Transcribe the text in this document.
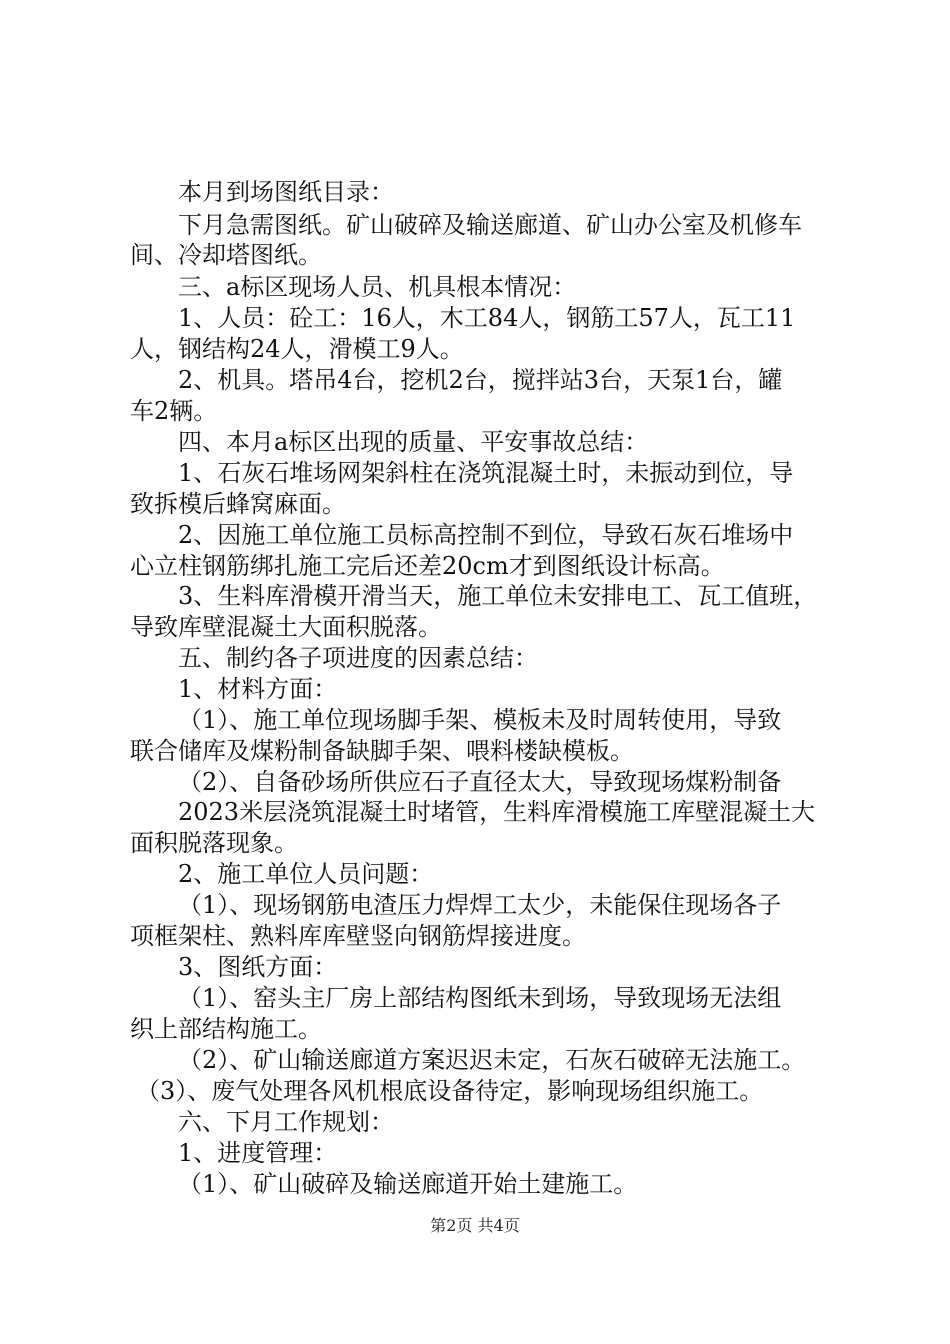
本月到场图纸目录：

下月急需图纸。矿山破碎及输送廊道、矿山办公室及机修车

间、冷却塔图纸。

三、a标区现场人员、机具根本情况：

1、人员：砼工：16人，木工84人，钢筋工57人，瓦工11

人，钢结构24人，滑模工9人。

2、机具。塔吊4台，挖机2台，搅拌站3台，天泵1台，罐

车2辆。

四、本月a标区出现的质量、平安事故总结：

1、石灰石堆场网架斜柱在浇筑混凝土时，未振动到位，导

致拆模后蜂窝麻面。

2、因施工单位施工员标高控制不到位，导致石灰石堆场中

心立柱钢筋绑扎施工完后还差20cm才到图纸设计标高。

3、生料库滑模开滑当天，施工单位未安排电工、瓦工值班，

导致库壁混凝土大面积脱落。

五、制约各子项进度的因素总结：

1、材料方面：

（1）、施工单位现场脚手架、模板未及时周转使用，导致

联合储库及煤粉制备缺脚手架、喂料楼缺模板。

（2）、自备砂场所供应石子直径太大，导致现场煤粉制备

2023米层浇筑混凝土时堵管，生料库滑模施工库壁混凝土大

面积脱落现象。

2、施工单位人员问题：

（1）、现场钢筋电渣压力焊焊工太少，未能保住现场各子

项框架柱、熟料库库壁竖向钢筋焊接进度。

3、图纸方面：

（1）、窑头主厂房上部结构图纸未到场，导致现场无法组

织上部结构施工。

（2）、矿山输送廊道方案迟迟未定，石灰石破碎无法施工。

（3）、废气处理各风机根底设备待定，影响现场组织施工。

六、下月工作规划：

1、进度管理：

（1）、矿山破碎及输送廊道开始土建施工。

第2页 共4页
